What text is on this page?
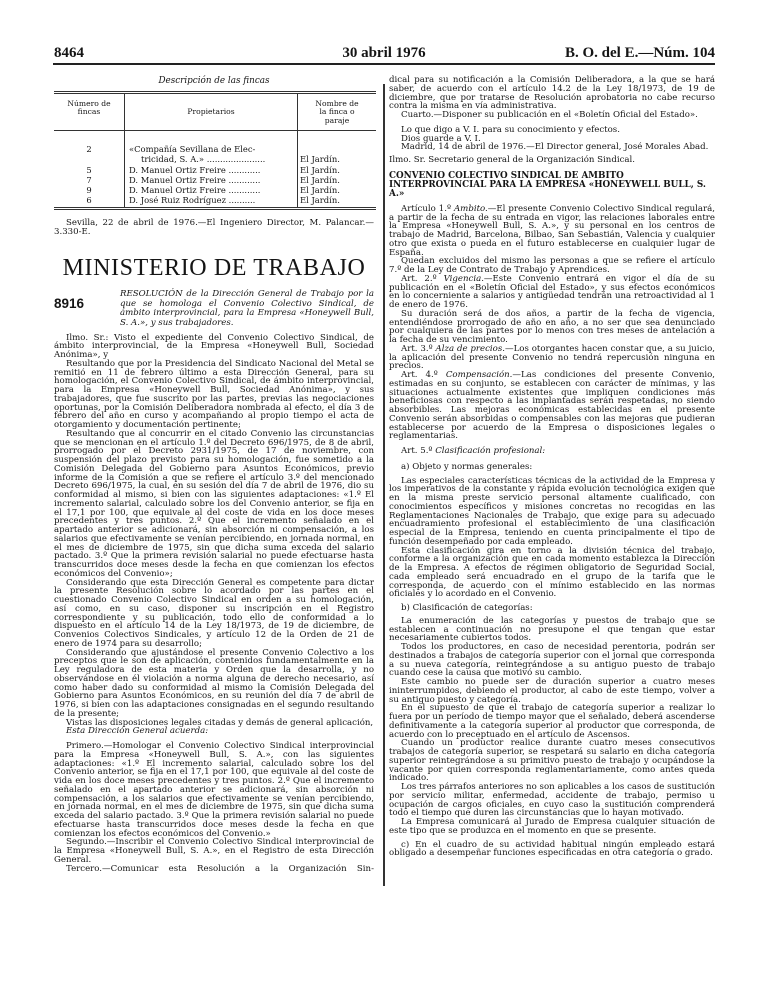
8464	30 abril 1976	B. O. del E.—Núm. 104
Descripción de las fincas
Número de fincas	Propietarios	Nombre de la finca o paraje
2	«Compañía Sevillana de Elec-	
	tricidad, S. A.» ......................	El Jardín.
5	D. Manuel Ortiz Freire ............	El Jardín.
7	D. Manuel Ortiz Freire ............	El Jardín.
9	D. Manuel Ortiz Freire ............	El Jardín.
6	D. José Ruiz Rodríguez ..........	El Jardín.

Sevilla, 22 de abril de 1976.—El Ingeniero Director, M. Palancar.—3.330-E.

MINISTERIO DE TRABAJO
8916
RESOLUCIÓN de la Dirección General de Trabajo por la que se homologa el Convenio Colectivo Sindical, de ámbito interprovincial, para la Empresa «Honeywell Bull, S. A.», y sus trabajadores.

Ilmo. Sr.: Visto el expediente del Convenio Colectivo Sindical, de ámbito interprovincial, de la Empresa «Honeywell Bull, Sociedad Anónima», y

Resultando que por la Presidencia del Sindicato Nacional del Metal se remitió en 11 de febrero último a esta Dirección General, para su homologación, el Convenio Colectivo Sindical, de ámbito interprovincial, para la Empresa «Honeywell Bull, Sociedad Anónima», y sus trabajadores, que fue suscrito por las partes, previas las negociaciones oportunas, por la Comisión Deliberadora nombrada al efecto, el día 3 de febrero del año en curso y acompañando al propio tiempo el acta de otorgamiento y documentación pertinente;

Resultando que al concurrir en el citado Convenio las circunstancias que se mencionan en el artículo 1.º del Decreto 696/1975, de 8 de abril, prorrogado por el Decreto 2931/1975, de 17 de noviembre, con suspensión del plazo previsto para su homologación, fue sometido a la Comisión Delegada del Gobierno para Asuntos Económicos, previo informe de la Comisión a que se refiere el artículo 3.º del mencionado Decreto 696/1975, la cual, en su sesión del día 7 de abril de 1976, dio su conformidad al mismo, si bien con las siguientes adaptaciones: «1.º El incremento salarial, calculado sobre los del Convenio anterior, se fija en el 17,1 por 100, que equivale al del coste de vida en los doce meses precedentes y tres puntos. 2.º Que el incremento señalado en el apartado anterior se adicionará, sin absorción ni compensación, a los salarios que efectivamente se venían percibiendo, en jornada normal, en el mes de diciembre de 1975, sin que dicha suma exceda del salario pactado. 3.º Que la primera revisión salarial no puede efectuarse hasta transcurridos doce meses desde la fecha en que comienzan los efectos económicos del Convenio»;

Considerando que esta Dirección General es competente para dictar la presente Resolución sobre lo acordado por las partes en el cuestionado Convenio Colectivo Sindical en orden a su homologación, así como, en su caso, disponer su inscripción en el Registro correspondiente y su publicación, todo ello de conformidad a lo dispuesto en el artículo 14 de la Ley 18/1973, de 19 de diciembre, de Convenios Colectivos Sindicales, y artículo 12 de la Orden de 21 de enero de 1974 para su desarrollo;

Considerando que ajustándose el presente Convenio Colectivo a los preceptos que le son de aplicación, contenidos fundamentalmente en la Ley reguladora de esta materia y Orden que la desarrolla, y no observándose en él violación a norma alguna de derecho necesario, así como haber dado su conformidad al mismo la Comisión Delegada del Gobierno para Asuntos Económicos, en su reunión del día 7 de abril de 1976, si bien con las adaptaciones consignadas en el segundo resultando de la presente;

Vistas las disposiciones legales citadas y demás de general aplicación,

Esta Dirección General acuerda:

Primero.—Homologar el Convenio Colectivo Sindical interprovincial para la Empresa «Honeywell Bull, S. A.», con las siguientes adaptaciones: «1.º El incremento salarial, calculado sobre los del Convenio anterior, se fija en el 17,1 por 100, que equivale al del coste de vida en los doce meses precedentes y tres puntos. 2.º Que el incremento señalado en el apartado anterior se adicionará, sin absorción ni compensación, a los salarios que efectivamente se venían percibiendo, en jornada normal, en el mes de diciembre de 1975, sin que dicha suma exceda del salario pactado. 3.º Que la primera revisión salarial no puede efectuarse hasta transcurridos doce meses desde la fecha en que comienzan los efectos económicos del Convenio.»

Segundo.—Inscribir el Convenio Colectivo Sindical interprovincial de la Empresa «Honeywell Bull, S. A.», en el Registro de esta Dirección General.

Tercero.—Comunicar esta Resolución a la Organización Sin-

dical para su notificación a la Comisión Deliberadora, a la que se hará saber, de acuerdo con el artículo 14.2 de la Ley 18/1973, de 19 de diciembre, que por tratarse de Resolución aprobatoria no cabe recurso contra la misma en vía administrativa.

Cuarto.—Disponer su publicación en el «Boletín Oficial del Estado».

Lo que digo a V. I. para su conocimiento y efectos.

Dios guarde a V. I.

Madrid, 14 de abril de 1976.—El Director general, José Morales Abad.

Ilmo. Sr. Secretario general de la Organización Sindical.

CONVENIO COLECTIVO SINDICAL DE AMBITO INTERPROVINCIAL PARA LA EMPRESA «HONEYWELL BULL, S. A.»

Artículo 1.º Ambito.—El presente Convenio Colectivo Sindical regulará, a partir de la fecha de su entrada en vigor, las relaciones laborales entre la Empresa «Honeywell Bull, S. A.», y su personal en los centros de trabajo de Madrid, Barcelona, Bilbao, San Sebastián, Valencia y cualquier otro que exista o pueda en el futuro establecerse en cualquier lugar de España.

Quedan excluidos del mismo las personas a que se refiere el artículo 7.º de la Ley de Contrato de Trabajo y Aprendices.

Art. 2.º Vigencia.—Este Convenio entrará en vigor el día de su publicación en el «Boletín Oficial del Estado», y sus efectos económicos en lo concerniente a salarios y antigüedad tendrán una retroactividad al 1 de enero de 1976.

Su duración será de dos años, a partir de la fecha de vigencia, entendiéndose prorrogado de año en año, a no ser que sea denunciado por cualquiera de las partes por lo menos con tres meses de antelación a la fecha de su vencimiento.

Art. 3.º Alza de precios.—Los otorgantes hacen constar que, a su juicio, la aplicación del presente Convenio no tendrá repercusión ninguna en precios.

Art. 4.º Compensación.—Las condiciones del presente Convenio, estimadas en su conjunto, se establecen con carácter de mínimas, y las situaciones actualmente existentes que impliquen condiciones más beneficiosas con respecto a las implantadas serán respetadas, no siendo absorbibles. Las mejoras económicas establecidas en el presente Convenio serán absorbidas o compensables con las mejoras que pudieran establecerse por acuerdo de la Empresa o disposiciones legales o reglamentarias.

Art. 5.º Clasificación profesional:

a) Objeto y normas generales:

Las especiales características técnicas de la actividad de la Empresa y los imperativos de la constante y rápida evolución tecnológica exigen que en la misma preste servicio personal altamente cualificado, con conocimientos específicos y misiones concretas no recogidas en las Reglamentaciones Nacionales de Trabajo, que exige para su adecuado encuadramiento profesional el establecimiento de una clasificación especial de la Empresa, teniendo en cuenta principalmente el tipo de función desempeñado por cada empleado.

Esta clasificación gira en torno a la división técnica del trabajo, conforme a la organización que en cada momento establezca la Dirección de la Empresa. A efectos de régimen obligatorio de Seguridad Social, cada empleado será encuadrado en el grupo de la tarifa que le corresponda, de acuerdo con el mínimo establecido en las normas oficiales y lo acordado en el Convenio.

b) Clasificación de categorías:

La enumeración de las categorías y puestos de trabajo que se establecen a continuación no presupone el que tengan que estar necesariamente cubiertos todos.

Todos los productores, en caso de necesidad perentoria, podrán ser destinados a trabajos de categoría superior con el jornal que corresponda a su nueva categoría, reintegrándose a su antiguo puesto de trabajo cuando cese la causa que motivó su cambio.

Este cambio no puede ser de duración superior a cuatro meses ininterrumpidos, debiendo el productor, al cabo de este tiempo, volver a su antiguo puesto y categoría.

En el supuesto de que el trabajo de categoría superior a realizar lo fuera por un período de tiempo mayor que el señalado, deberá ascenderse definitivamente a la categoría superior al productor que corresponda, de acuerdo con lo preceptuado en el artículo de Ascensos.

Cuando un productor realice durante cuatro meses consecutivos trabajos de categoría superior, se respetará su salario en dicha categoría superior reintegrándose a su primitivo puesto de trabajo y ocupándose la vacante por quien corresponda reglamentariamente, como antes queda indicado.

Los tres párrafos anteriores no son aplicables a los casos de sustitución por servicio militar, enfermedad, accidente de trabajo, permiso u ocupación de cargos oficiales, en cuyo caso la sustitución comprenderá todo el tiempo que duren las circunstancias que lo hayan motivado.

La Empresa comunicará al Jurado de Empresa cualquier situación de este tipo que se produzca en el momento en que se presente.

c) En el cuadro de su actividad habitual ningún empleado estará obligado a desempeñar funciones especificadas en otra categoría o grado.
